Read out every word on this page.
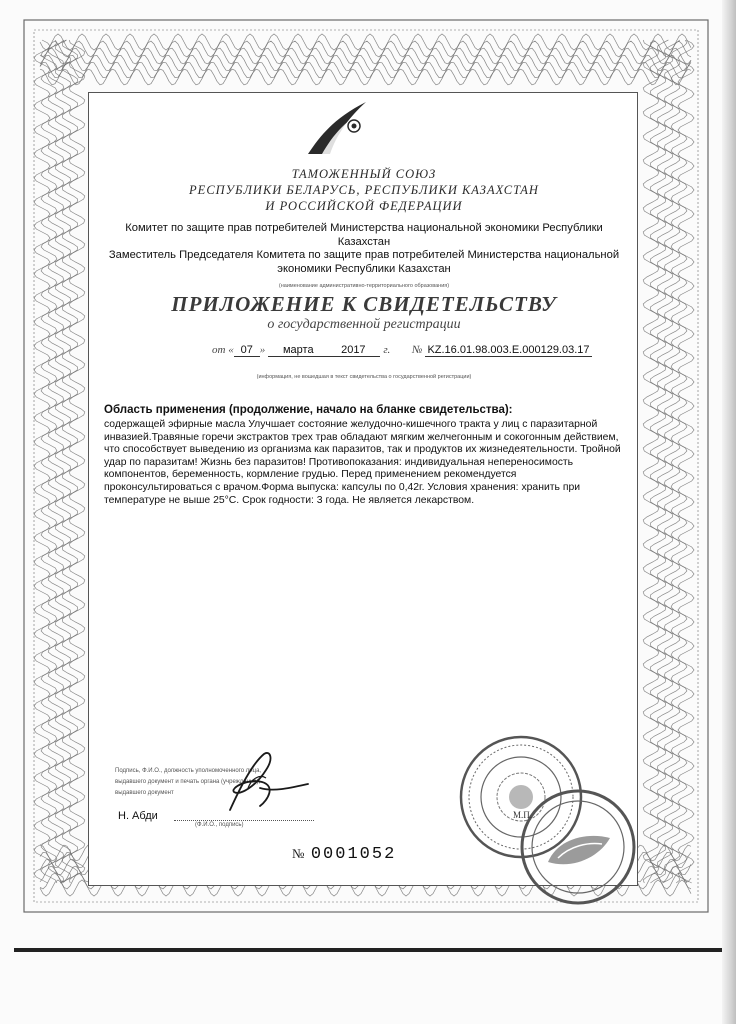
ТАМОЖЕННЫЙ СОЮЗ
РЕСПУБЛИКИ БЕЛАРУСЬ, РЕСПУБЛИКИ КАЗАХСТАН
И РОССИЙСКОЙ ФЕДЕРАЦИИ
Комитет по защите прав потребителей Министерства национальной экономики Республики
Казахстан
Заместитель Председателя Комитета по защите прав потребителей Министерства национальной
экономики Республики Казахстан
(наименование административно-территориального образования)
ПРИЛОЖЕНИЕ К СВИДЕТЕЛЬСТВУ
о государственной регистрации
от « 07 » марта	2017 г. № KZ.16.01.98.003.Е.000129.03.17
(информация, не вошедшая в текст свидетельства о государственной регистрации)
Область применения (продолжение, начало на бланке свидетельства):
содержащей эфирные масла Улучшает состояние желудочно-кишечного тракта у лиц с паразитарной инвазией.Травяные горечи экстрактов трех трав обладают мягким желчегонным и сокогонным действием, что способствует выведению из организма как паразитов, так и продуктов их жизнедеятельности. Тройной удар по паразитам! Жизнь без паразитов! Противопоказания: индивидуальная непереносимость компонентов, беременность, кормление грудью. Перед применением рекомендуется проконсультироваться с врачом.Форма выпуска: капсулы по 0,42г. Условия хранения: хранить при температуре не выше 25°С. Срок годности: 3 года. Не является лекарством.
Подпись, Ф.И.О., должность уполномоченного лица,
выдавшего документ и печать органа (учреждения),
выдавшего документ
Н. Абди
(Ф.И.О., подпись)
№ 0001052
М.П.
